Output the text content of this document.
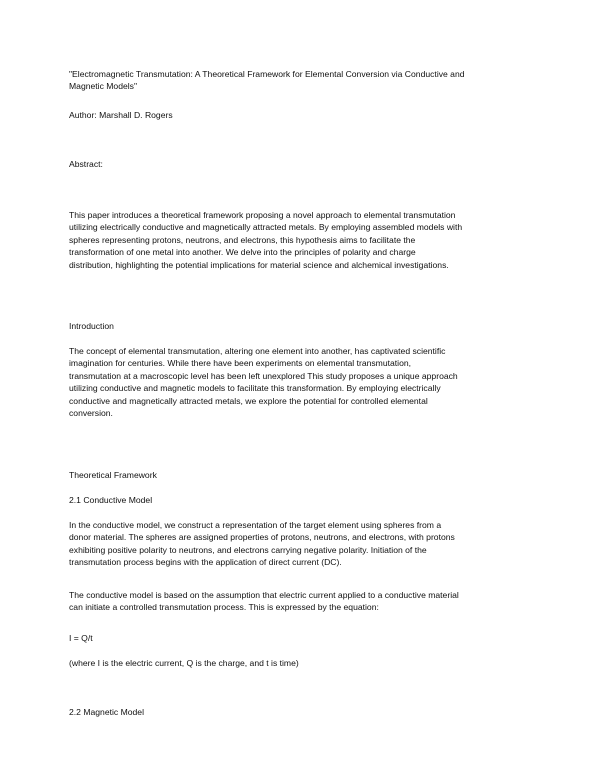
"Electromagnetic Transmutation: A Theoretical Framework for Elemental Conversion via Conductive and
Magnetic Models"
Author: Marshall D. Rogers
Abstract:
This paper introduces a theoretical framework proposing a novel approach to elemental transmutation
utilizing electrically conductive and magnetically attracted metals. By employing assembled models with
spheres representing protons, neutrons, and electrons, this hypothesis aims to facilitate the
transformation of one metal into another. We delve into the principles of polarity and charge
distribution, highlighting the potential implications for material science and alchemical investigations.
Introduction
The concept of elemental transmutation, altering one element into another, has captivated scientific
imagination for centuries. While there have been experiments on elemental transmutation,
transmutation at a macroscopic level has been left unexplored This study proposes a unique approach
utilizing conductive and magnetic models to facilitate this transformation. By employing electrically
conductive and magnetically attracted metals, we explore the potential for controlled elemental
conversion.
Theoretical Framework
2.1 Conductive Model
In the conductive model, we construct a representation of the target element using spheres from a
donor material. The spheres are assigned properties of protons, neutrons, and electrons, with protons
exhibiting positive polarity to neutrons, and electrons carrying negative polarity. Initiation of the
transmutation process begins with the application of direct current (DC).
The conductive model is based on the assumption that electric current applied to a conductive material
can initiate a controlled transmutation process. This is expressed by the equation:
I = Q/t
(where I is the electric current, Q is the charge, and t is time)
2.2 Magnetic Model
